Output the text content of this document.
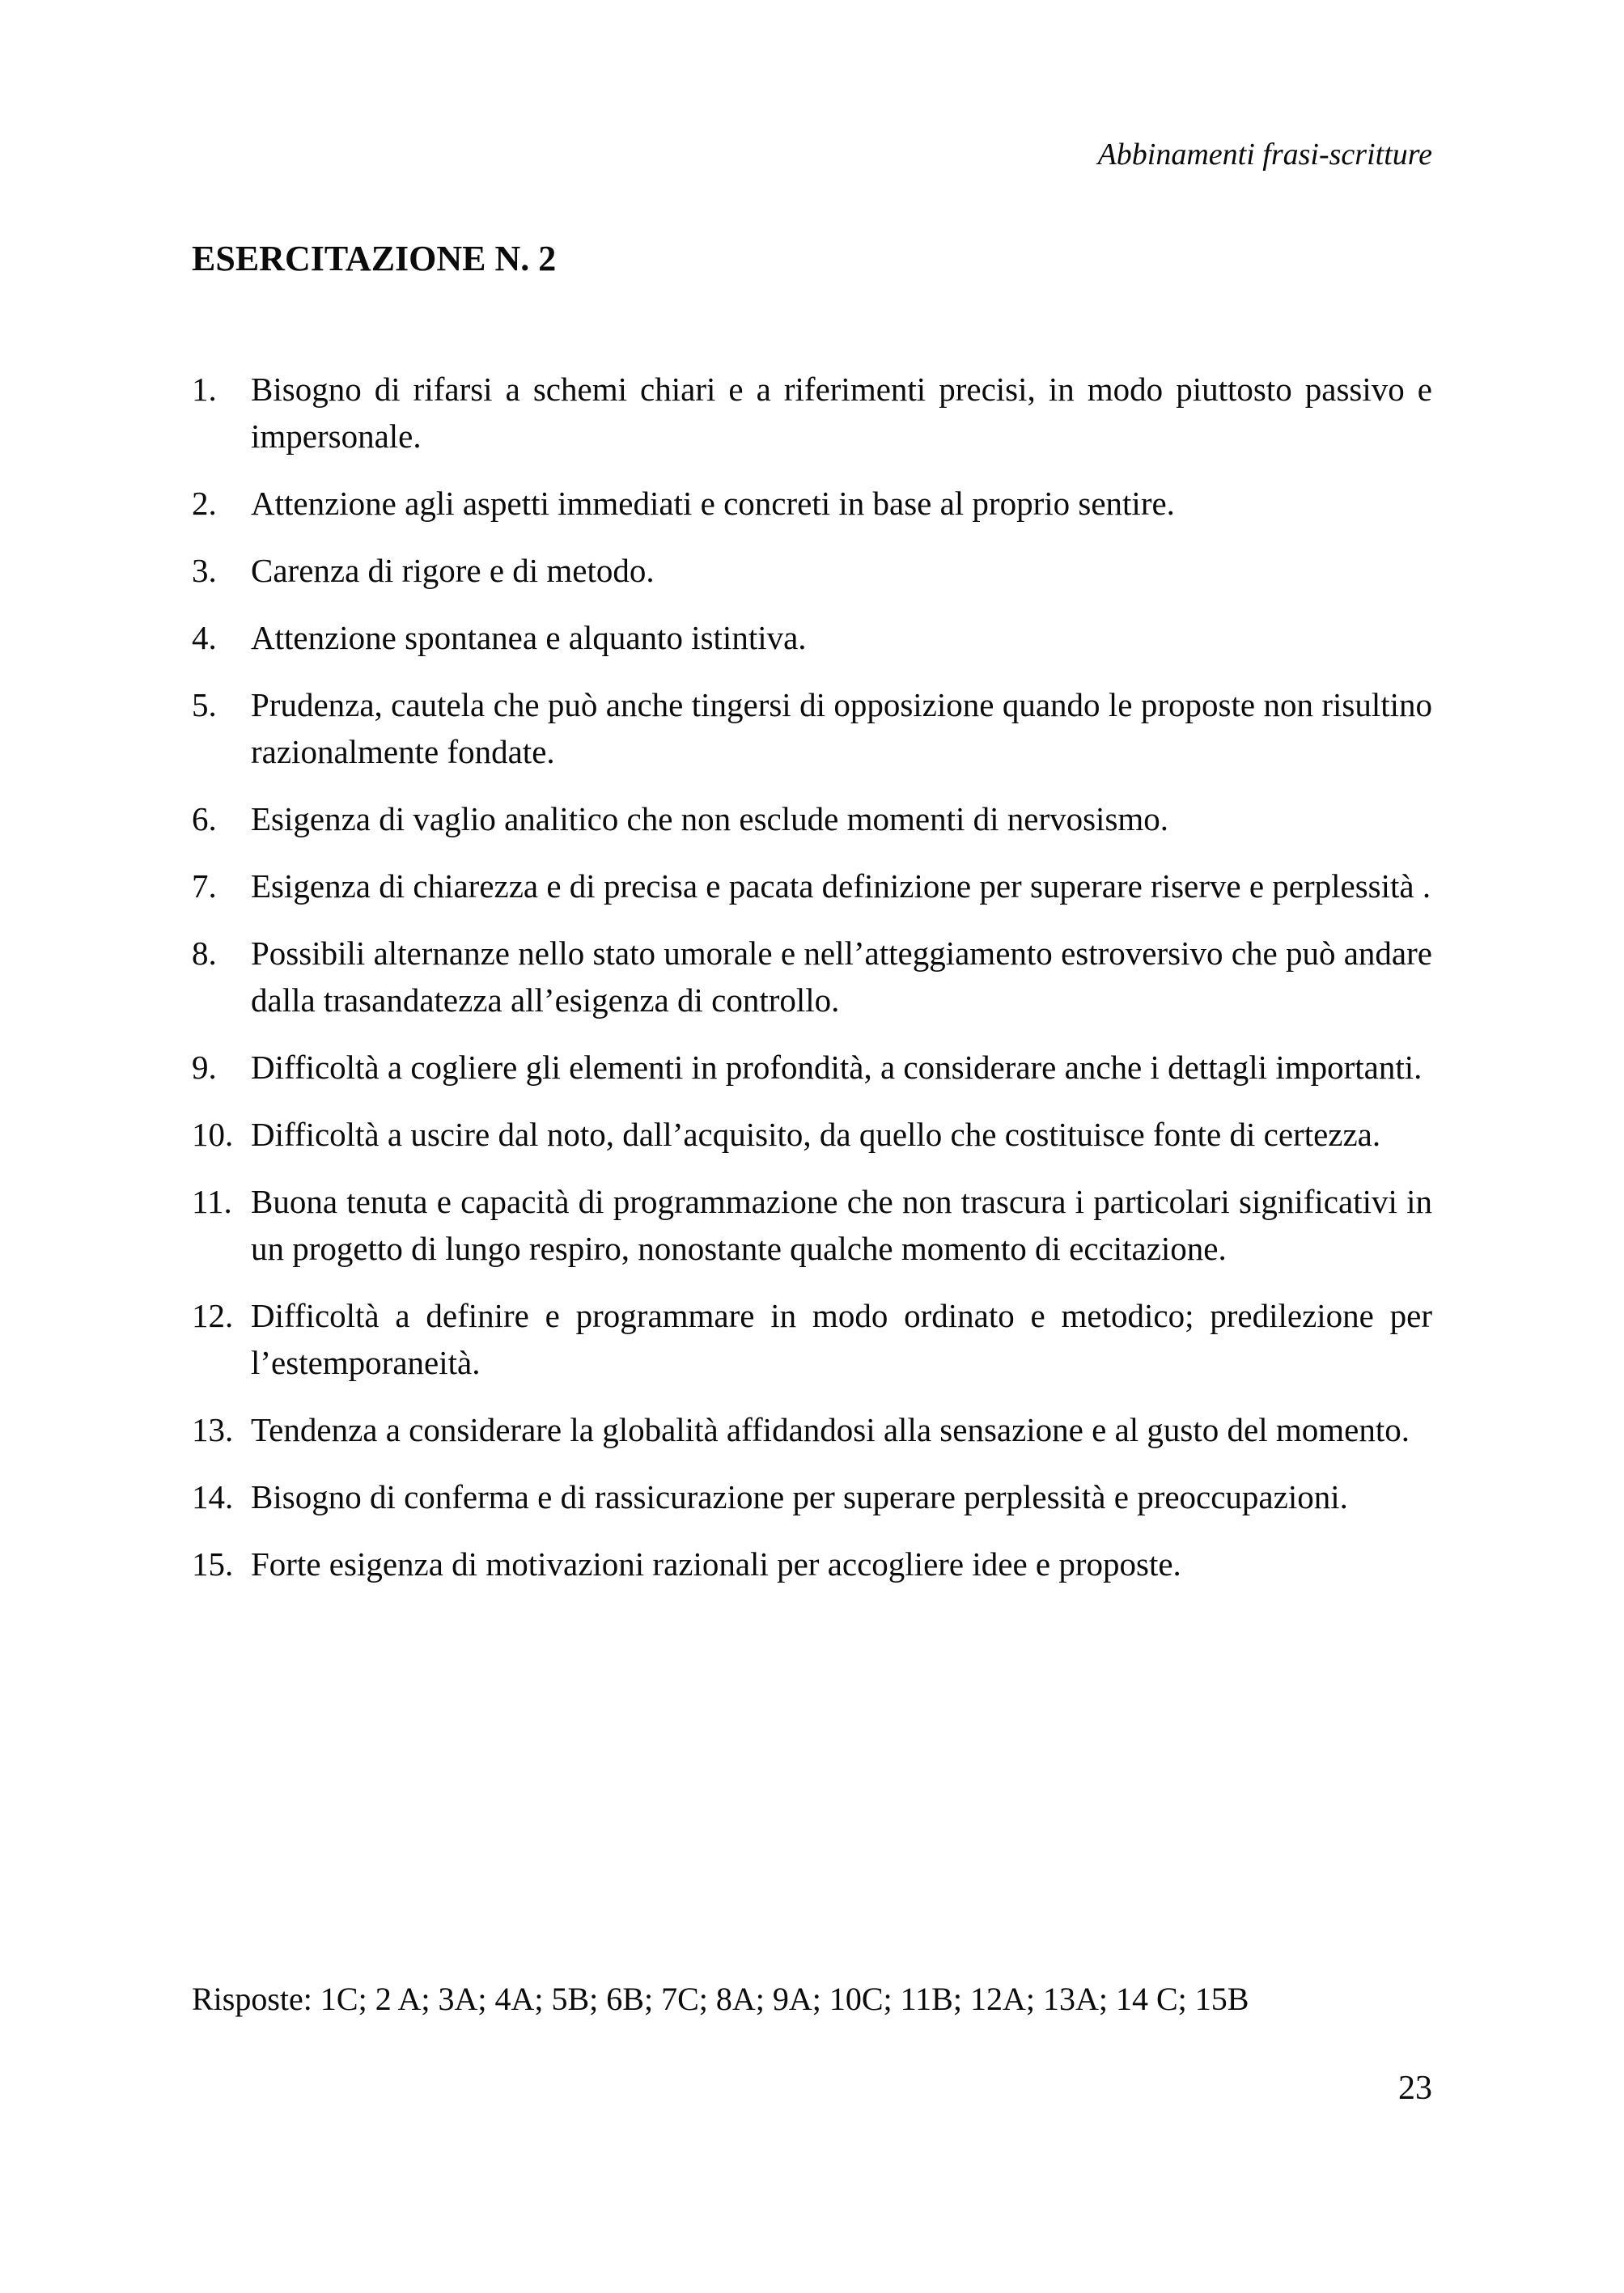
Abbinamenti frasi-scritture
ESERCITAZIONE N. 2
1.	Bisogno di rifarsi a schemi chiari e a riferimenti precisi, in modo piuttosto passivo e impersonale.
2.	Attenzione agli aspetti immediati e concreti in base al proprio sentire.
3.	Carenza di rigore e di metodo.
4.	Attenzione spontanea e alquanto istintiva.
5.	Prudenza, cautela che può anche tingersi di opposizione quando le proposte non risultino razionalmente fondate.
6.	Esigenza di vaglio analitico che non esclude momenti di nervosismo.
7.	Esigenza di chiarezza e di precisa e pacata definizione per superare riserve e perplessità .
8.	Possibili alternanze nello stato umorale e nell’atteggiamento estroversivo che può andare dalla trasandatezza all’esigenza di controllo.
9.	Difficoltà a cogliere gli elementi in profondità, a considerare anche i dettagli importanti.
10. Difficoltà a uscire dal noto, dall’acquisito, da quello che costituisce fonte di certezza.
11. Buona tenuta e capacità di programmazione che non trascura i particolari significativi in un progetto di lungo respiro, nonostante qualche momento di eccitazione.
12. Difficoltà a definire e programmare in modo ordinato e metodico; predilezione per l’estemporaneità.
13. Tendenza a considerare la globalità affidandosi alla sensazione e al gusto del momento.
14. Bisogno di conferma e di rassicurazione per superare perplessità e preoccupazioni.
15. Forte esigenza di motivazioni razionali per accogliere idee e proposte.
Risposte: 1C; 2 A; 3A; 4A; 5B; 6B; 7C; 8A; 9A; 10C; 11B; 12A; 13A; 14 C; 15B
23
